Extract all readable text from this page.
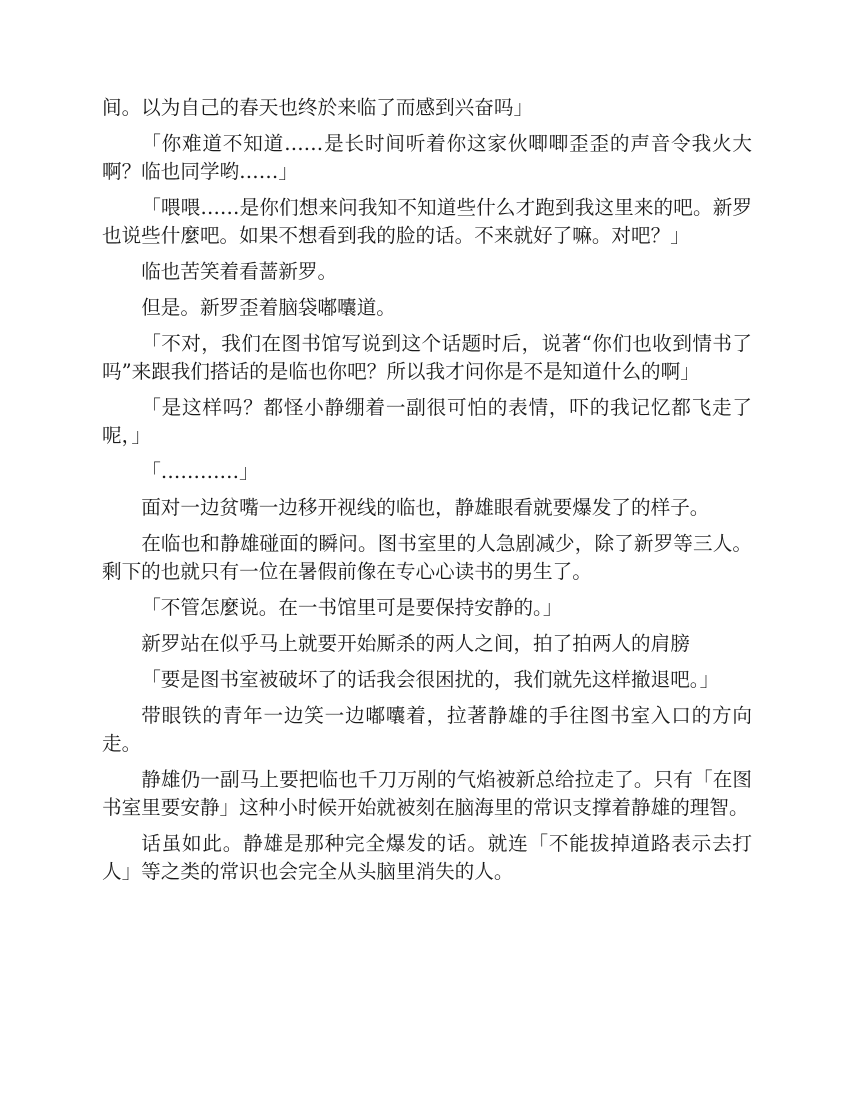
间。以为自己的春天也终於来临了而感到兴奋吗」

「你难道不知道……是长时间听着你这家伙唧唧歪歪的声音令我火大啊？临也同学哟……」

「喂喂……是你们想来问我知不知道些什么才跑到我这里来的吧。新罗也说些什麼吧。如果不想看到我的脸的话。不来就好了嘛。对吧？」

临也苦笑着看蔷新罗。

但是。新罗歪着脑袋嘟囔道。

「不对，我们在图书馆写说到这个话题时后，说著“你们也收到情书了吗”来跟我们搭话的是临也你吧？所以我才问你是不是知道什么的啊」

「是这样吗？都怪小静绷着一副很可怕的表情，吓的我记忆都飞走了呢，」

「…………」

面对一边贫嘴一边移开视线的临也，静雄眼看就要爆发了的样子。

在临也和静雄碰面的瞬问。图书室里的人急剧减少，除了新罗等三人。剩下的也就只有一位在暑假前像在专心心读书的男生了。

「不管怎麼说。在一书馆里可是要保持安静的。」

新罗站在似乎马上就要开始厮杀的两人之间，拍了拍两人的肩膀

「要是图书室被破坏了的话我会很困扰的，我们就先这样撤退吧。」

带眼铁的青年一边笑一边嘟囔着，拉著静雄的手往图书室入口的方向走。

静雄仍一副马上要把临也千刀万剐的气焰被新总给拉走了。只有「在图书室里要安静」这种小时候开始就被刻在脑海里的常识支撑着静雄的理智。

话虽如此。静雄是那种完全爆发的话。就连「不能拔掉道路表示去打人」等之类的常识也会完全从头脑里消失的人。
